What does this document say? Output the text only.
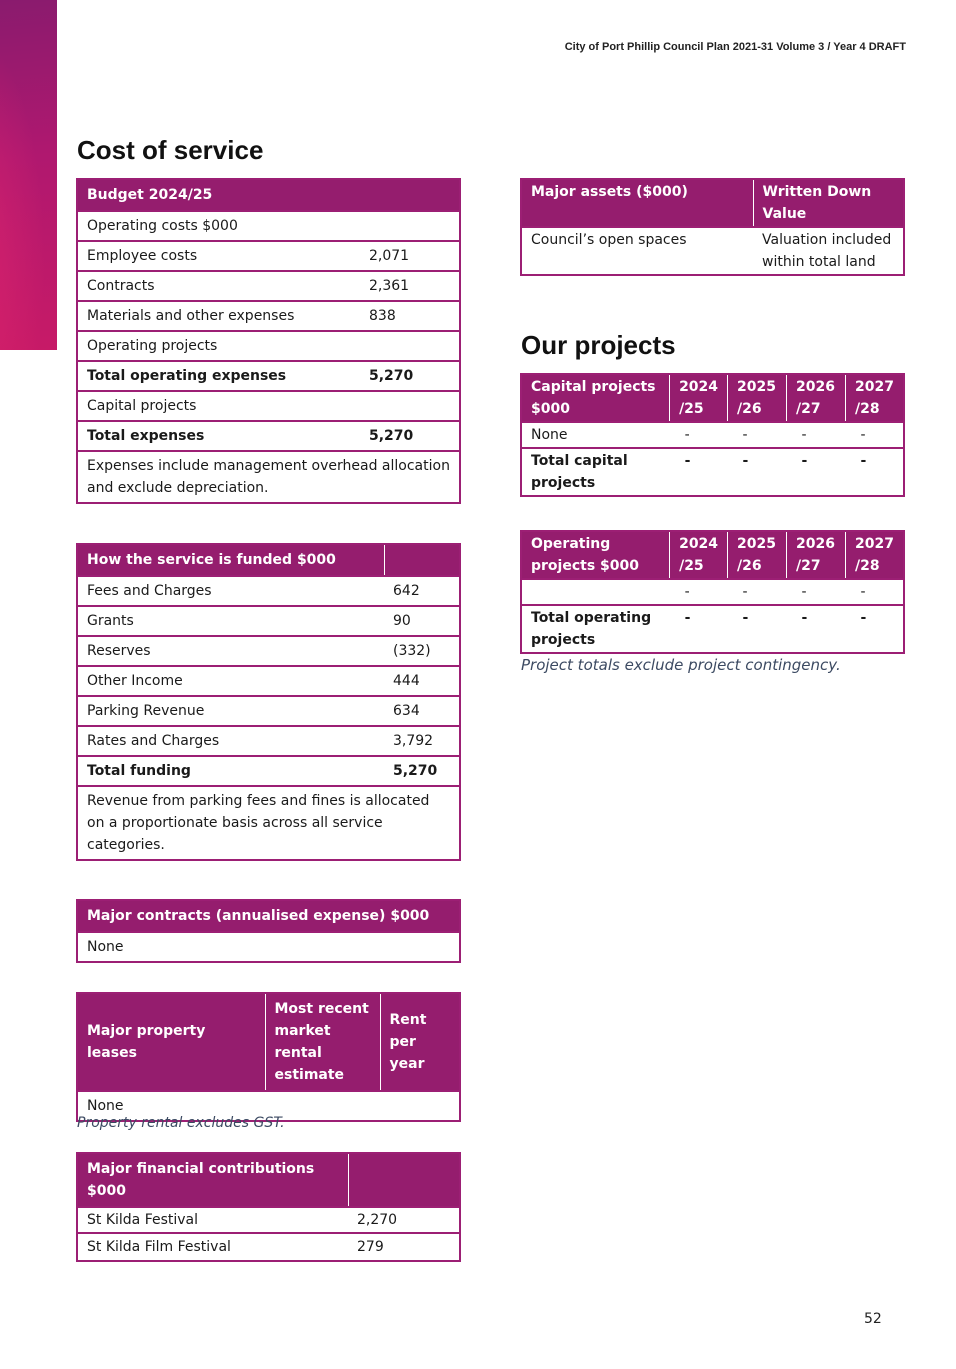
City of Port Phillip Council Plan 2021-31 Volume 3 / Year 4 DRAFT
Cost of service
Budget 2024/25	
Operating costs $000	
Employee costs	2,071
Contracts	2,361
Materials and other expenses	838
Operating projects	
Total operating expenses	5,270
Capital projects	
Total expenses	5,270
Expenses include management overhead allocation and exclude depreciation.	
How the service is funded $000	
Fees and Charges	642
Grants	90
Reserves	(332)
Other Income	444
Parking Revenue	634
Rates and Charges	3,792
Total funding	5,270
Revenue from parking fees and fines is allocated on a proportionate basis across all service categories.	
Major contracts (annualised expense) $000
None
Major property leases	Most recent market rental estimate	Rent per year
None
Property rental excludes GST.
Major financial contributions $000	
St Kilda Festival	2,270
St Kilda Film Festival	279
Major assets ($000)	Written Down Value
Council’s open spaces	Valuation included within total land
Our projects
Capital projects $000	2024 /25	2025 /26	2026 /27	2027 /28
None	-	-	-	-
Total capital projects	-	-	-	-
Operating projects $000	2024 /25	2025 /26	2026 /27	2027 /28
	-	-	-	-
Total operating projects	-	-	-	-
Project totals exclude project contingency.
52
